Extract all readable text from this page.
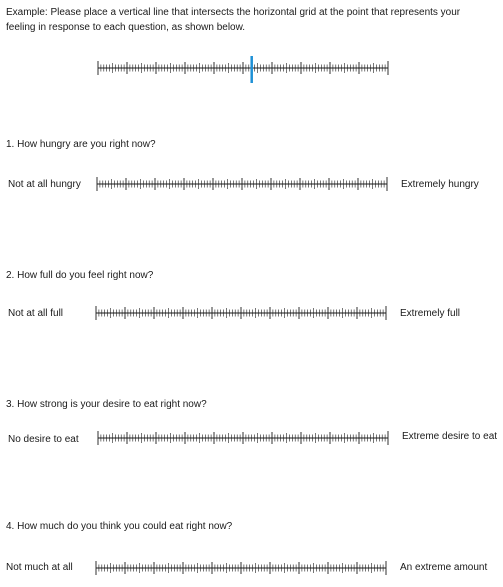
Example: Please place a vertical line that intersects the horizontal grid at the point that represents your feeling in response to each question, as shown below.
1. How hungry are you right now?
Not at all hungry	Extremely hungry
2. How full do you feel right now?
Not at all full	Extremely full
3. How strong is your desire to eat right now?
No desire to eat	Extreme desire to eat
4. How much do you think you could eat right now?
Not much at all	An extreme amount
